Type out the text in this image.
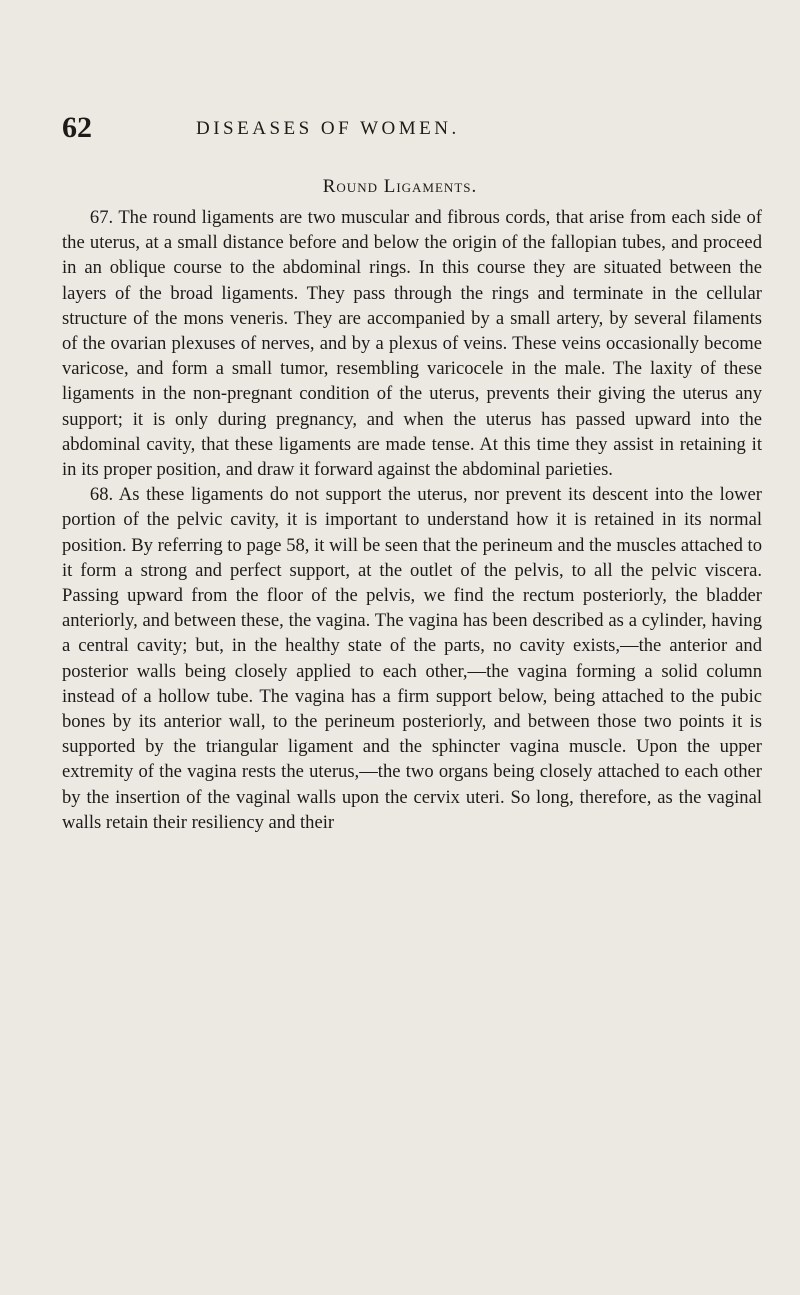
62	DISEASES OF WOMEN.
Round Ligaments.

67. The round ligaments are two muscular and fibrous cords, that arise from each side of the uterus, at a small distance before and below the origin of the fallopian tubes, and proceed in an oblique course to the abdominal rings. In this course they are situated between the layers of the broad ligaments. They pass through the rings and terminate in the cellular structure of the mons veneris. They are accompanied by a small artery, by several filaments of the ovarian plexuses of nerves, and by a plexus of veins. These veins occasionally become varicose, and form a small tumor, resembling varicocele in the male. The laxity of these ligaments in the non-pregnant condition of the uterus, prevents their giving the uterus any support; it is only during pregnancy, and when the uterus has passed upward into the abdominal cavity, that these ligaments are made tense. At this time they assist in retaining it in its proper position, and draw it forward against the abdominal parieties.

68. As these ligaments do not support the uterus, nor prevent its descent into the lower portion of the pelvic cavity, it is important to understand how it is retained in its normal position. By referring to page 58, it will be seen that the perineum and the muscles attached to it form a strong and perfect support, at the outlet of the pelvis, to all the pelvic viscera. Passing upward from the floor of the pelvis, we find the rectum posteriorly, the bladder anteriorly, and between these, the vagina. The vagina has been described as a cylinder, having a central cavity; but, in the healthy state of the parts, no cavity exists,—the anterior and posterior walls being closely applied to each other,—the vagina forming a solid column instead of a hollow tube. The vagina has a firm support below, being attached to the pubic bones by its anterior wall, to the perineum posteriorly, and between those two points it is supported by the triangular ligament and the sphincter vagina muscle. Upon the upper extremity of the vagina rests the uterus,—the two organs being closely attached to each other by the insertion of the vaginal walls upon the cervix uteri. So long, therefore, as the vaginal walls retain their resiliency and their
